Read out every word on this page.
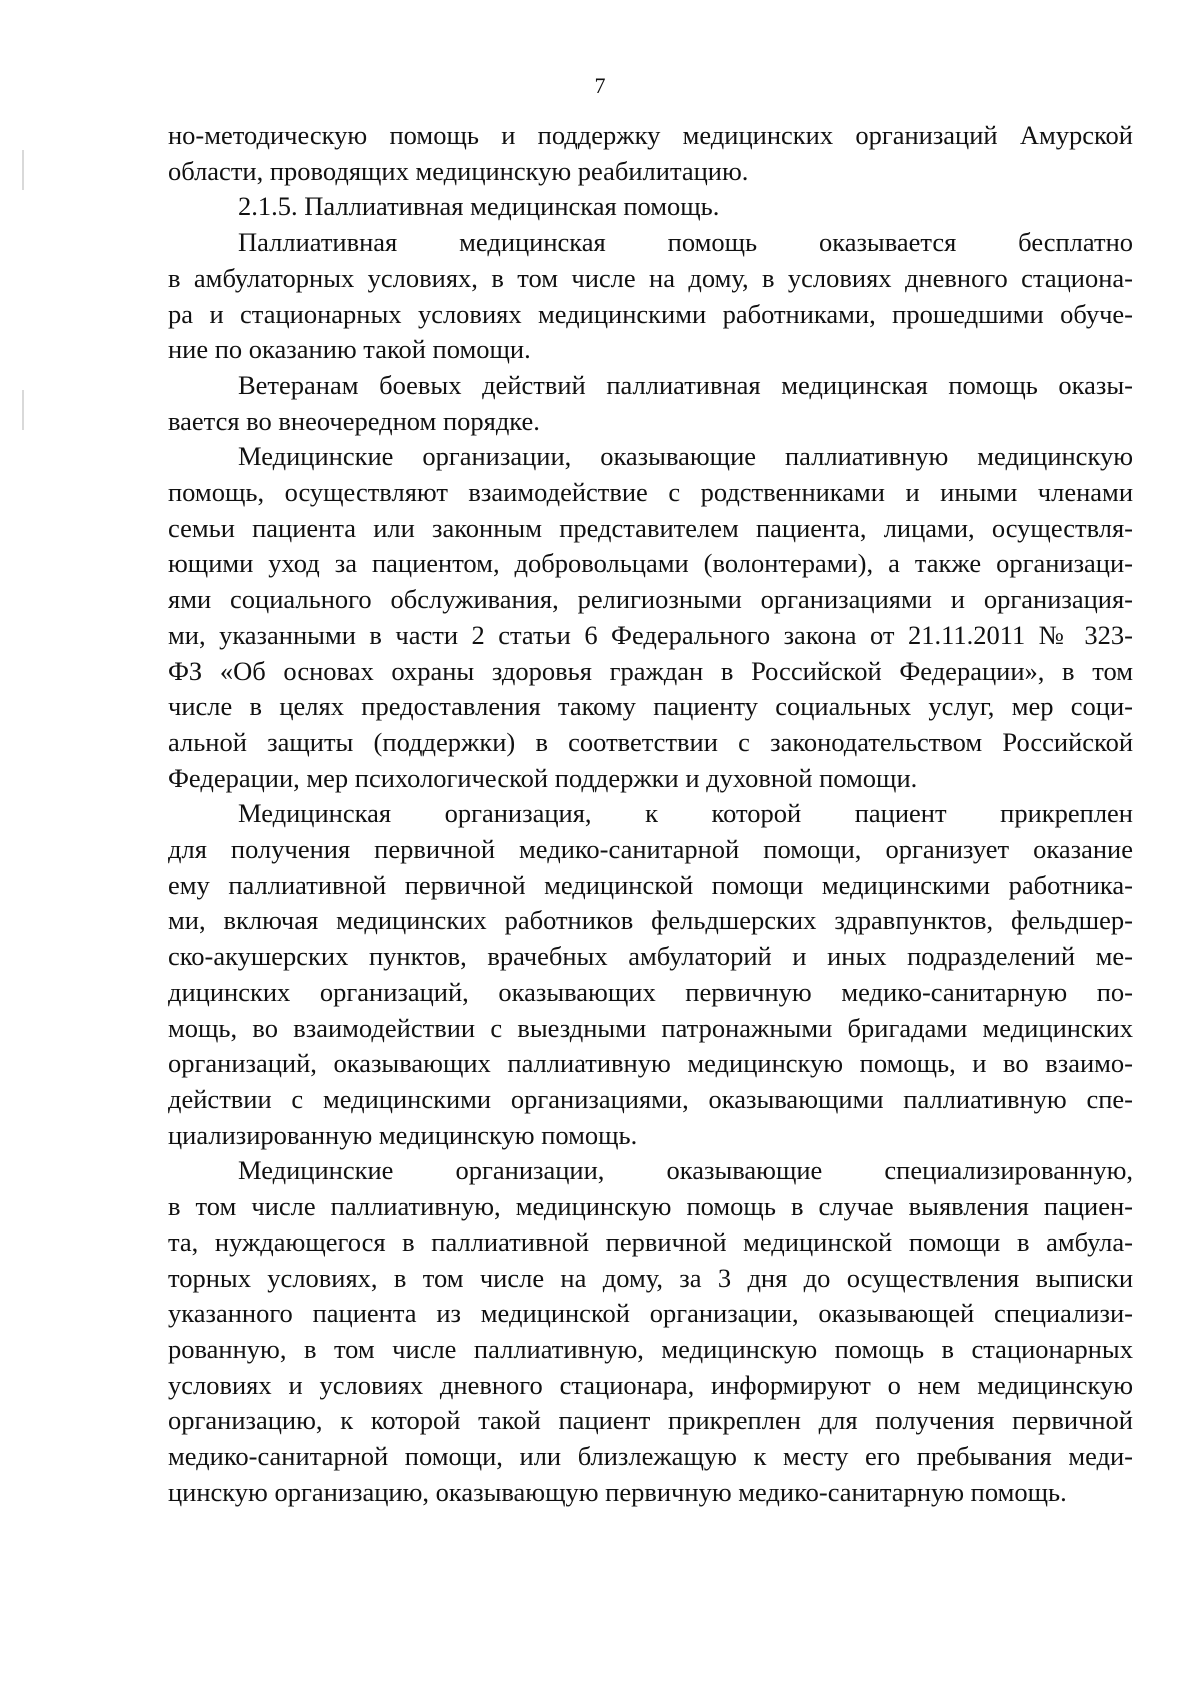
7
но-методическую помощь и поддержку медицинских организаций Амурской
области, проводящих медицинскую реабилитацию.
2.1.5. Паллиативная медицинская помощь.
Паллиативная медицинская помощь оказывается бесплатно
в амбулаторных условиях, в том числе на дому, в условиях дневного стациона-
ра и стационарных условиях медицинскими работниками, прошедшими обуче-
ние по оказанию такой помощи.
Ветеранам боевых действий паллиативная медицинская помощь оказы-
вается во внеочередном порядке.
Медицинские организации, оказывающие паллиативную медицинскую
помощь, осуществляют взаимодействие с родственниками и иными членами
семьи пациента или законным представителем пациента, лицами, осуществля-
ющими уход за пациентом, добровольцами (волонтерами), а также организаци-
ями социального обслуживания, религиозными организациями и организация-
ми, указанными в части 2 статьи 6 Федерального закона от 21.11.2011 № 323-
ФЗ «Об основах охраны здоровья граждан в Российской Федерации», в том
числе в целях предоставления такому пациенту социальных услуг, мер соци-
альной защиты (поддержки) в соответствии с законодательством Российской
Федерации, мер психологической поддержки и духовной помощи.
Медицинская организация, к которой пациент прикреплен
для получения первичной медико-санитарной помощи, организует оказание
ему паллиативной первичной медицинской помощи медицинскими работника-
ми, включая медицинских работников фельдшерских здравпунктов, фельдшер-
ско-акушерских пунктов, врачебных амбулаторий и иных подразделений ме-
дицинских организаций, оказывающих первичную медико-санитарную по-
мощь, во взаимодействии с выездными патронажными бригадами медицинских
организаций, оказывающих паллиативную медицинскую помощь, и во взаимо-
действии с медицинскими организациями, оказывающими паллиативную спе-
циализированную медицинскую помощь.
Медицинские организации, оказывающие специализированную,
в том числе паллиативную, медицинскую помощь в случае выявления пациен-
та, нуждающегося в паллиативной первичной медицинской помощи в амбула-
торных условиях, в том числе на дому, за 3 дня до осуществления выписки
указанного пациента из медицинской организации, оказывающей специализи-
рованную, в том числе паллиативную, медицинскую помощь в стационарных
условиях и условиях дневного стационара, информируют о нем медицинскую
организацию, к которой такой пациент прикреплен для получения первичной
медико-санитарной помощи, или близлежащую к месту его пребывания меди-
цинскую организацию, оказывающую первичную медико-санитарную помощь.
